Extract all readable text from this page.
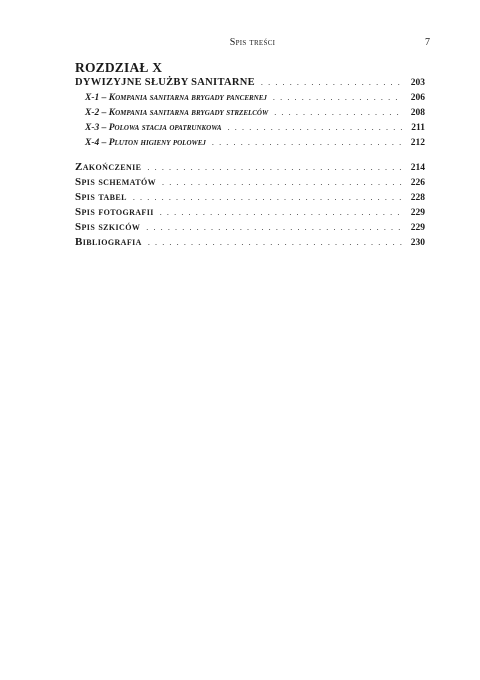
Spis treści	7
ROZDZIAŁ X
DYWIZYJNE SŁUŻBY SANITARNE . . .	203
X-1 – Kompania sanitarna brygady pancernej . . .	206
X-2 – Kompania sanitarna brygady strzelców . . .	208
X-3 – Polowa stacja opatrunkowa . . .	211
X-4 – Pluton higieny polowej . . .	212
Zakończenie . . .	214
Spis schematów . . .	226
Spis tabel . . .	228
Spis fotografii . . .	229
Spis szkiców . . .	229
Bibliografia . . .	230
